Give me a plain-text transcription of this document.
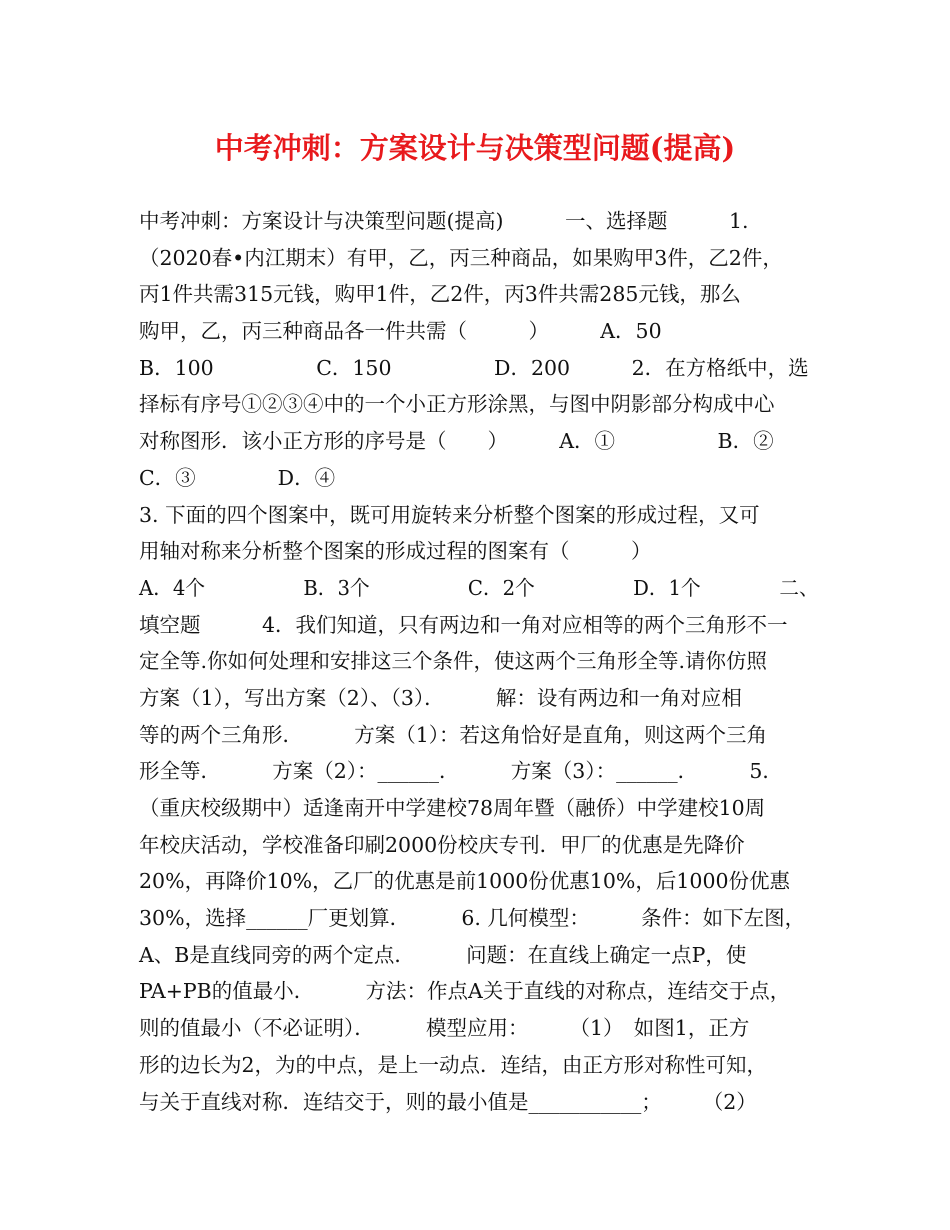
中考冲刺：方案设计与决策型问题(提高)
中考冲刺：方案设计与决策型问题(提高)　　　一、选择题　　　1.
（2020春•内江期末）有甲，乙，丙三种商品，如果购甲3件，乙2件，
丙1件共需315元钱，购甲1件，乙2件，丙3件共需285元钱，那么
购甲，乙，丙三种商品各一件共需（　　　）　　　A．50
B．100　　　　　C．150　　　　　D．200　　　2．在方格纸中，选
择标有序号①②③④中的一个小正方形涂黑，与图中阴影部分构成中心
对称图形．该小正方形的序号是（　　）　　　A．①　　　　　B．②
C．③　　　　D．④
3. 下面的四个图案中，既可用旋转来分析整个图案的形成过程，又可
用轴对称来分析整个图案的形成过程的图案有（　　　）
A．4个　　　　　B．3个　　　　　C．2个　　　　　D．1个　　　　二、
填空题　　　4．我们知道，只有两边和一角对应相等的两个三角形不一
定全等.你如何处理和安排这三个条件，使这两个三角形全等.请你仿照
方案（1），写出方案（2）、（3）．　　　解：设有两边和一角对应相
等的两个三角形．　　　方案（1）：若这角恰好是直角，则这两个三角
形全等．　　　方案（2）：______．　　　方案（3）：______．　　　5．
（重庆校级期中）适逢南开中学建校78周年暨（融侨）中学建校10周
年校庆活动，学校准备印刷2000份校庆专刊．甲厂的优惠是先降价
20%，再降价10%，乙厂的优惠是前1000份优惠10%，后1000份优惠
30%，选择______厂更划算．　　　6. 几何模型：　　　条件：如下左图，
A、B是直线同旁的两个定点．　　　问题：在直线上确定一点P，使
PA+PB的值最小．　　　方法：作点A关于直线的对称点，连结交于点，
则的值最小（不必证明）．　　　模型应用：　　　（1）　如图1，正方
形的边长为2，为的中点，是上一动点．连结，由正方形对称性可知，
与关于直线对称．连结交于，则的最小值是___________；　　　（2）
